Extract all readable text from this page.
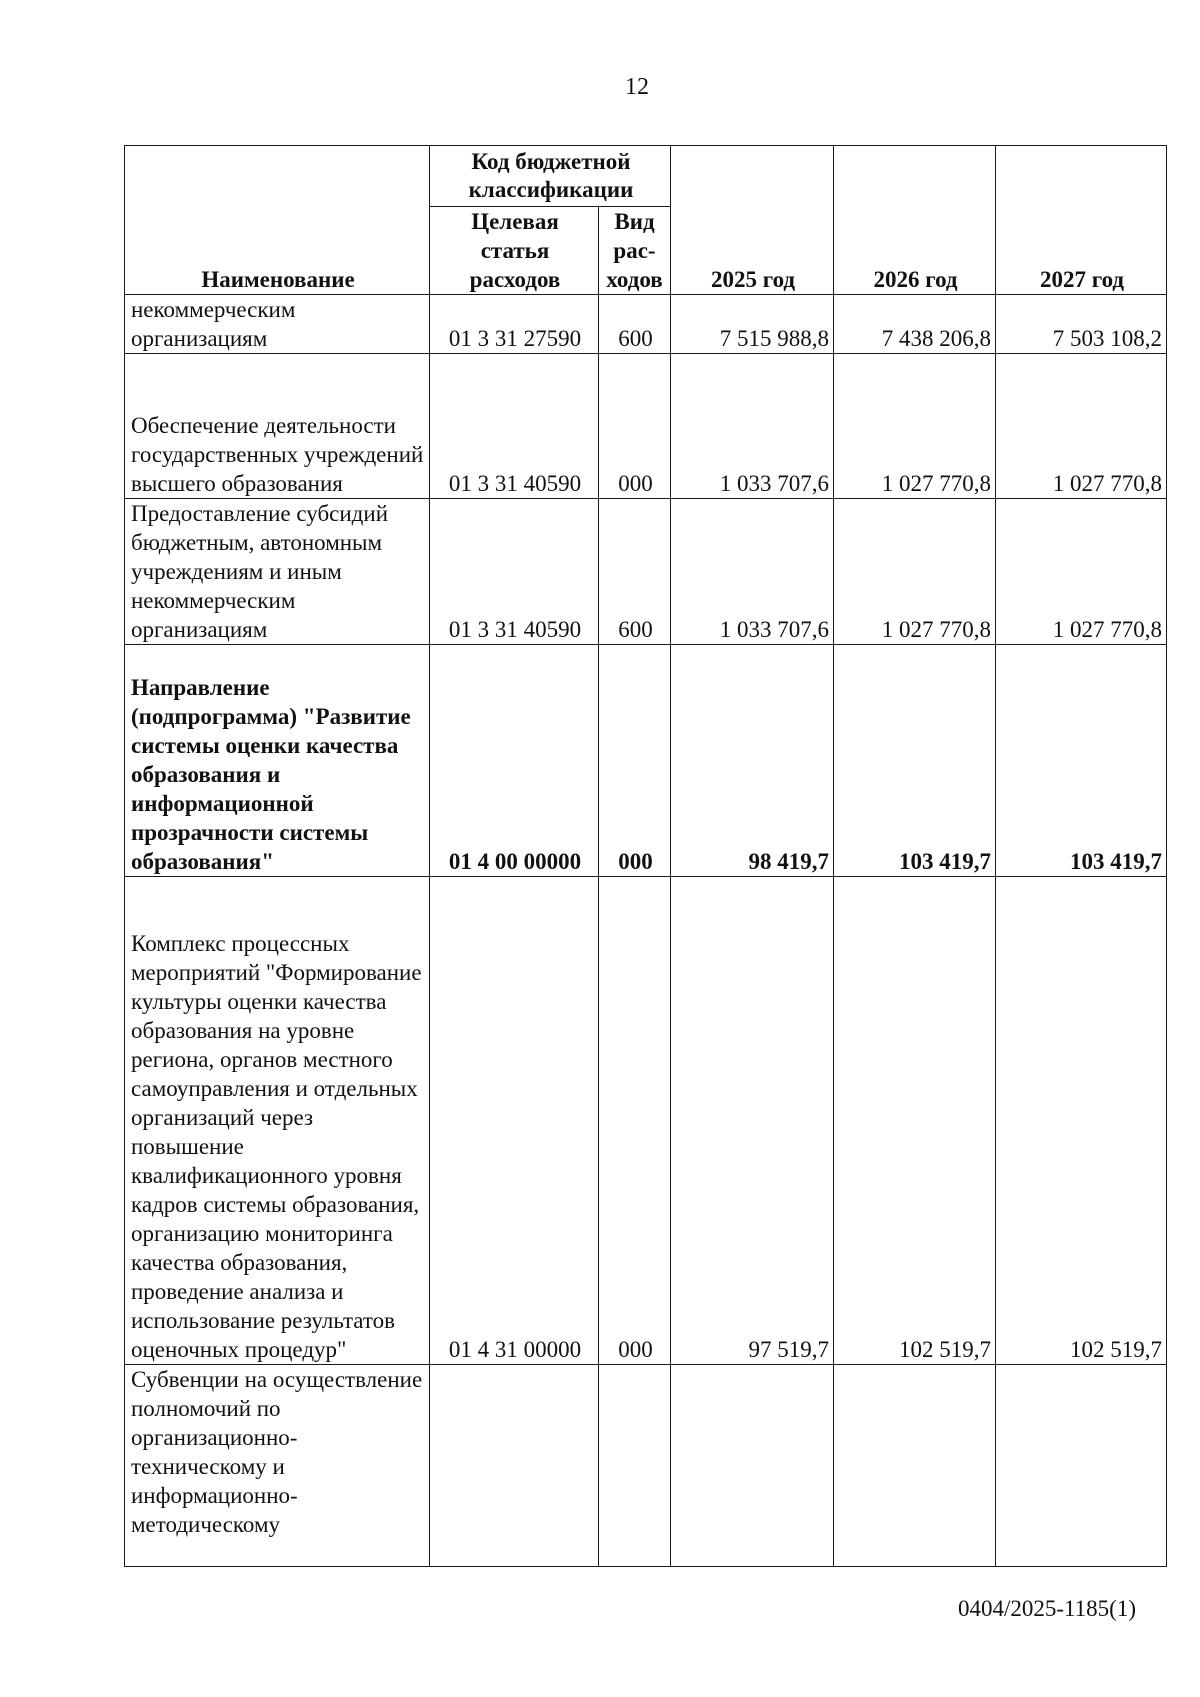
12
Наименование	Код бюджетной классификации		2025 год	2026 год	2027 год
	Целевая статья расходов	Вид рас-ходов			
некоммерческим организациям	01 3 31 27590	600	7 515 988,8	7 438 206,8	7 503 108,2
Обеспечение деятельности государственных учреждений высшего образования	01 3 31 40590	000	1 033 707,6	1 027 770,8	1 027 770,8
Предоставление субсидий бюджетным, автономным учреждениям и иным некоммерческим организациям	01 3 31 40590	600	1 033 707,6	1 027 770,8	1 027 770,8
Направление (подпрограмма) "Развитие системы оценки качества образования и информационной прозрачности системы образования"	01 4 00 00000	000	98 419,7	103 419,7	103 419,7
Комплекс процессных мероприятий "Формирование культуры оценки качества образования на уровне региона, органов местного самоуправления и отдельных организаций через повышение квалификационного уровня кадров системы образования, организацию мониторинга качества образования, проведение анализа и использование результатов оценочных процедур"	01 4 31 00000	000	97 519,7	102 519,7	102 519,7
Субвенции на осуществление полномочий по организационно-техническому и информационно-методическому					
0404/2025-1185(1)
